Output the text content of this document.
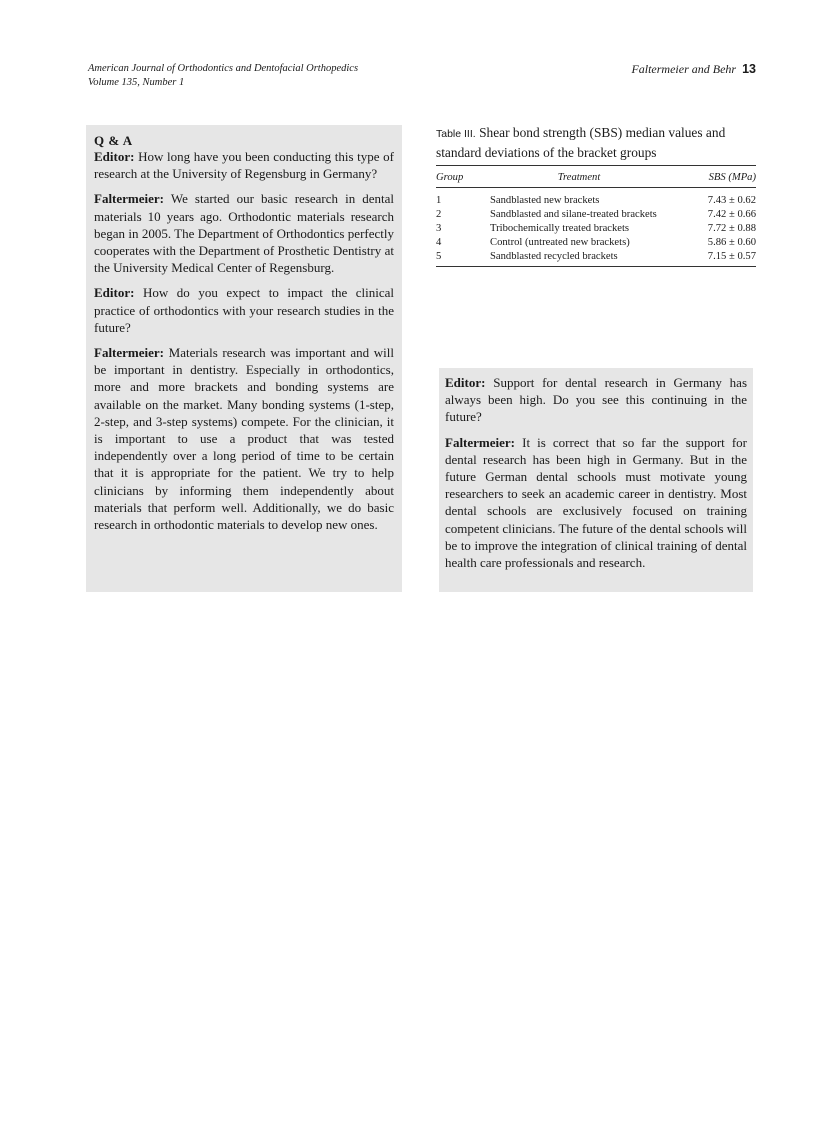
American Journal of Orthodontics and Dentofacial Orthopedics
Volume 135, Number 1
Faltermeier and Behr 13
Q & A

Editor: How long have you been conducting this type of research at the University of Regensburg in Germany?

Faltermeier: We started our basic research in dental materials 10 years ago. Orthodontic materials research began in 2005. The Department of Orthodontics perfectly cooperates with the Department of Prosthetic Dentistry at the University Medical Center of Regensburg.

Editor: How do you expect to impact the clinical practice of orthodontics with your research studies in the future?

Faltermeier: Materials research was important and will be important in dentistry. Especially in orthodontics, more and more brackets and bonding systems are available on the market. Many bonding systems (1-step, 2-step, and 3-step systems) compete. For the clinician, it is important to use a product that was tested independently over a long period of time to be certain that it is appropriate for the patient. We try to help clinicians by informing them independently about materials that perform well. Additionally, we do basic research in orthodontic materials to develop new ones.

Table III. Shear bond strength (SBS) median values and standard deviations of the bracket groups
Group	Treatment	SBS (MPa)
1	Sandblasted new brackets	7.43 ± 0.62
2	Sandblasted and silane-treated brackets	7.42 ± 0.66
3	Tribochemically treated brackets	7.72 ± 0.88
4	Control (untreated new brackets)	5.86 ± 0.60
5	Sandblasted recycled brackets	7.15 ± 0.57

Editor: Support for dental research in Germany has always been high. Do you see this continuing in the future?

Faltermeier: It is correct that so far the support for dental research has been high in Germany. But in the future German dental schools must motivate young researchers to seek an academic career in dentistry. Most dental schools are exclusively focused on training competent clinicians. The future of the dental schools will be to improve the integration of clinical training of dental health care professionals and research.
